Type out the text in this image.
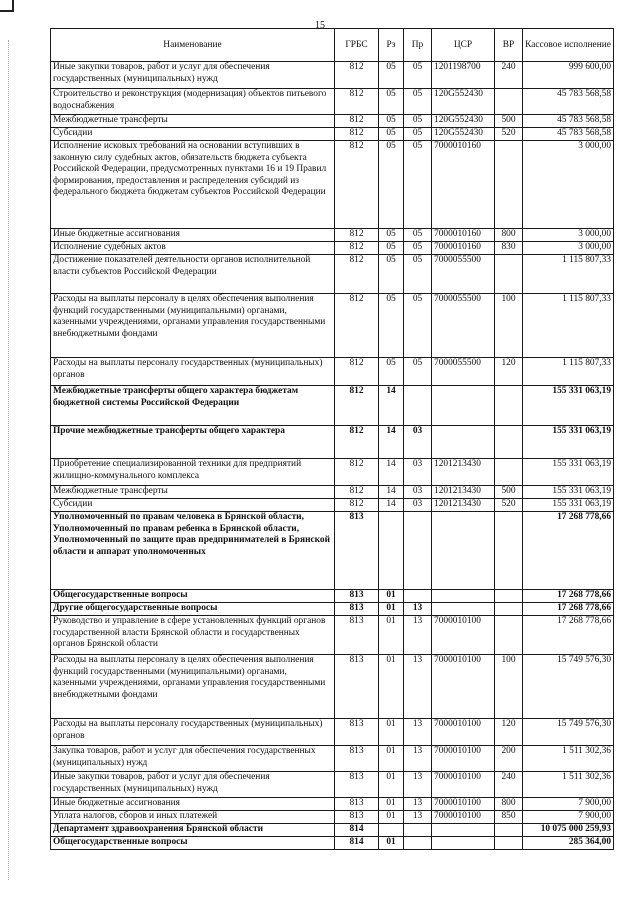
15
Наименование	ГРБС	Рз	Пр	ЦСР	ВР	Кассовое исполнение
Иные закупки товаров, работ и услуг для обеспечения государственных (муниципальных) нужд	812	05	05	1201198700	240	999 600,00
Строительство и реконструкция (модернизация) объектов питьевого водоснабжения	812	05	05	120G552430		45 783 568,58
Межбюджетные трансферты	812	05	05	120G552430	500	45 783 568,58
Субсидии	812	05	05	120G552430	520	45 783 568,58
Исполнение исковых требований на основании вступивших в законную силу судебных актов, обязательств бюджета субъекта Российской Федерации, предусмотренных пунктами 16 и 19 Правил формирования, предоставления и распределения субсидий из федерального бюджета бюджетам субъектов Российской Федерации	812	05	05	7000010160		3 000,00
Иные бюджетные ассигнования	812	05	05	7000010160	800	3 000,00
Исполнение судебных актов	812	05	05	7000010160	830	3 000,00
Достижение показателей деятельности органов исполнительной власти субъектов Российской Федерации	812	05	05	7000055500		1 115 807,33
Расходы на выплаты персоналу в целях обеспечения выполнения функций государственными (муниципальными) органами, казенными учреждениями, органами управления государственными внебюджетными фондами	812	05	05	7000055500	100	1 115 807,33
Расходы на выплаты персоналу государственных (муниципальных) органов	812	05	05	7000055500	120	1 115 807,33
Межбюджетные трансферты общего характера бюджетам бюджетной системы Российской Федерации	812	14				155 331 063,19
Прочие межбюджетные трансферты общего характера	812	14	03			155 331 063,19
Приобретение специализированной техники для предприятий жилищно-коммунального комплекса	812	14	03	1201213430		155 331 063,19
Межбюджетные трансферты	812	14	03	1201213430	500	155 331 063,19
Субсидии	812	14	03	1201213430	520	155 331 063,19
Уполномоченный по правам человека в Брянской области, Уполномоченный по правам ребенка в Брянской области, Уполномоченный по защите прав предпринимателей в Брянской области и аппарат уполномоченных	813					17 268 778,66
Общегосударственные вопросы	813	01				17 268 778,66
Другие общегосударственные вопросы	813	01	13			17 268 778,66
Руководство и управление в сфере установленных функций органов государственной власти Брянской области и государственных органов Брянской области	813	01	13	7000010100		17 268 778,66
Расходы на выплаты персоналу в целях обеспечения выполнения функций государственными (муниципальными) органами, казенными учреждениями, органами управления государственными внебюджетными фондами	813	01	13	7000010100	100	15 749 576,30
Расходы на выплаты персоналу государственных (муниципальных) органов	813	01	13	7000010100	120	15 749 576,30
Закупка товаров, работ и услуг для обеспечения государственных (муниципальных) нужд	813	01	13	7000010100	200	1 511 302,36
Иные закупки товаров, работ и услуг для обеспечения государственных (муниципальных) нужд	813	01	13	7000010100	240	1 511 302,36
Иные бюджетные ассигнования	813	01	13	7000010100	800	7 900,00
Уплата налогов, сборов и иных платежей	813	01	13	7000010100	850	7 900,00
Департамент здравоохранения Брянской области	814					10 075 000 259,93
Общегосударственные вопросы	814	01				285 364,00
